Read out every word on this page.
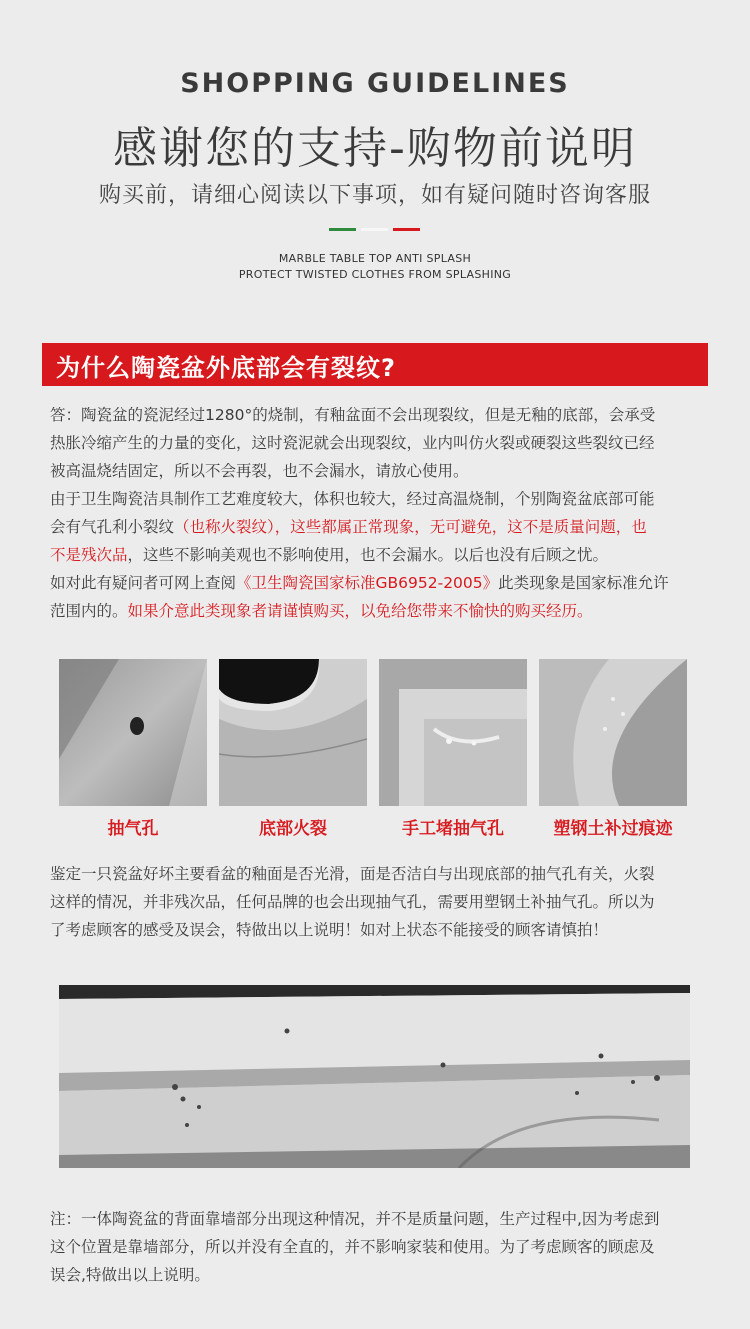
SHOPPING GUIDELINES
感谢您的支持-购物前说明
购买前，请细心阅读以下事项，如有疑问随时咨询客服
MARBLE TABLE TOP ANTI SPLASH
PROTECT TWISTED CLOTHES FROM SPLASHING
为什么陶瓷盆外底部会有裂纹?
答：陶瓷盆的瓷泥经过1280°的烧制，有釉盆面不会出现裂纹，但是无釉的底部，会承受
热胀冷缩产生的力量的变化，这时瓷泥就会出现裂纹，业内叫仿火裂或硬裂这些裂纹已经
被高温烧结固定，所以不会再裂，也不会漏水，请放心使用。
由于卫生陶瓷洁具制作工艺难度较大，体积也较大，经过高温烧制，个别陶瓷盆底部可能
会有气孔利小裂纹（也称火裂纹），这些都属正常现象，无可避免，这不是质量问题，也
不是残次品，这些不影响美观也不影响使用，也不会漏水。以后也没有后顾之忧。
如对此有疑问者可网上查阅《卫生陶瓷国家标准GB6952-2005》此类现象是国家标准允许
范围内的。如果介意此类现象者请谨慎购买，以免给您带来不愉快的购买经历。
抽气孔	底部火裂	手工堵抽气孔	塑钢土补过痕迹
鉴定一只瓷盆好坏主要看盆的釉面是否光滑，面是否洁白与出现底部的抽气孔有关，火裂
这样的情况，并非残次品，任何品牌的也会出现抽气孔，需要用塑钢土补抽气孔。所以为
了考虑顾客的感受及误会，特做出以上说明！如对上状态不能接受的顾客请慎拍！
注：一体陶瓷盆的背面靠墙部分出现这种情况，并不是质量问题，生产过程中,因为考虑到
这个位置是靠墙部分，所以并没有全直的，并不影响家装和使用。为了考虑顾客的顾虑及
误会,特做出以上说明。
